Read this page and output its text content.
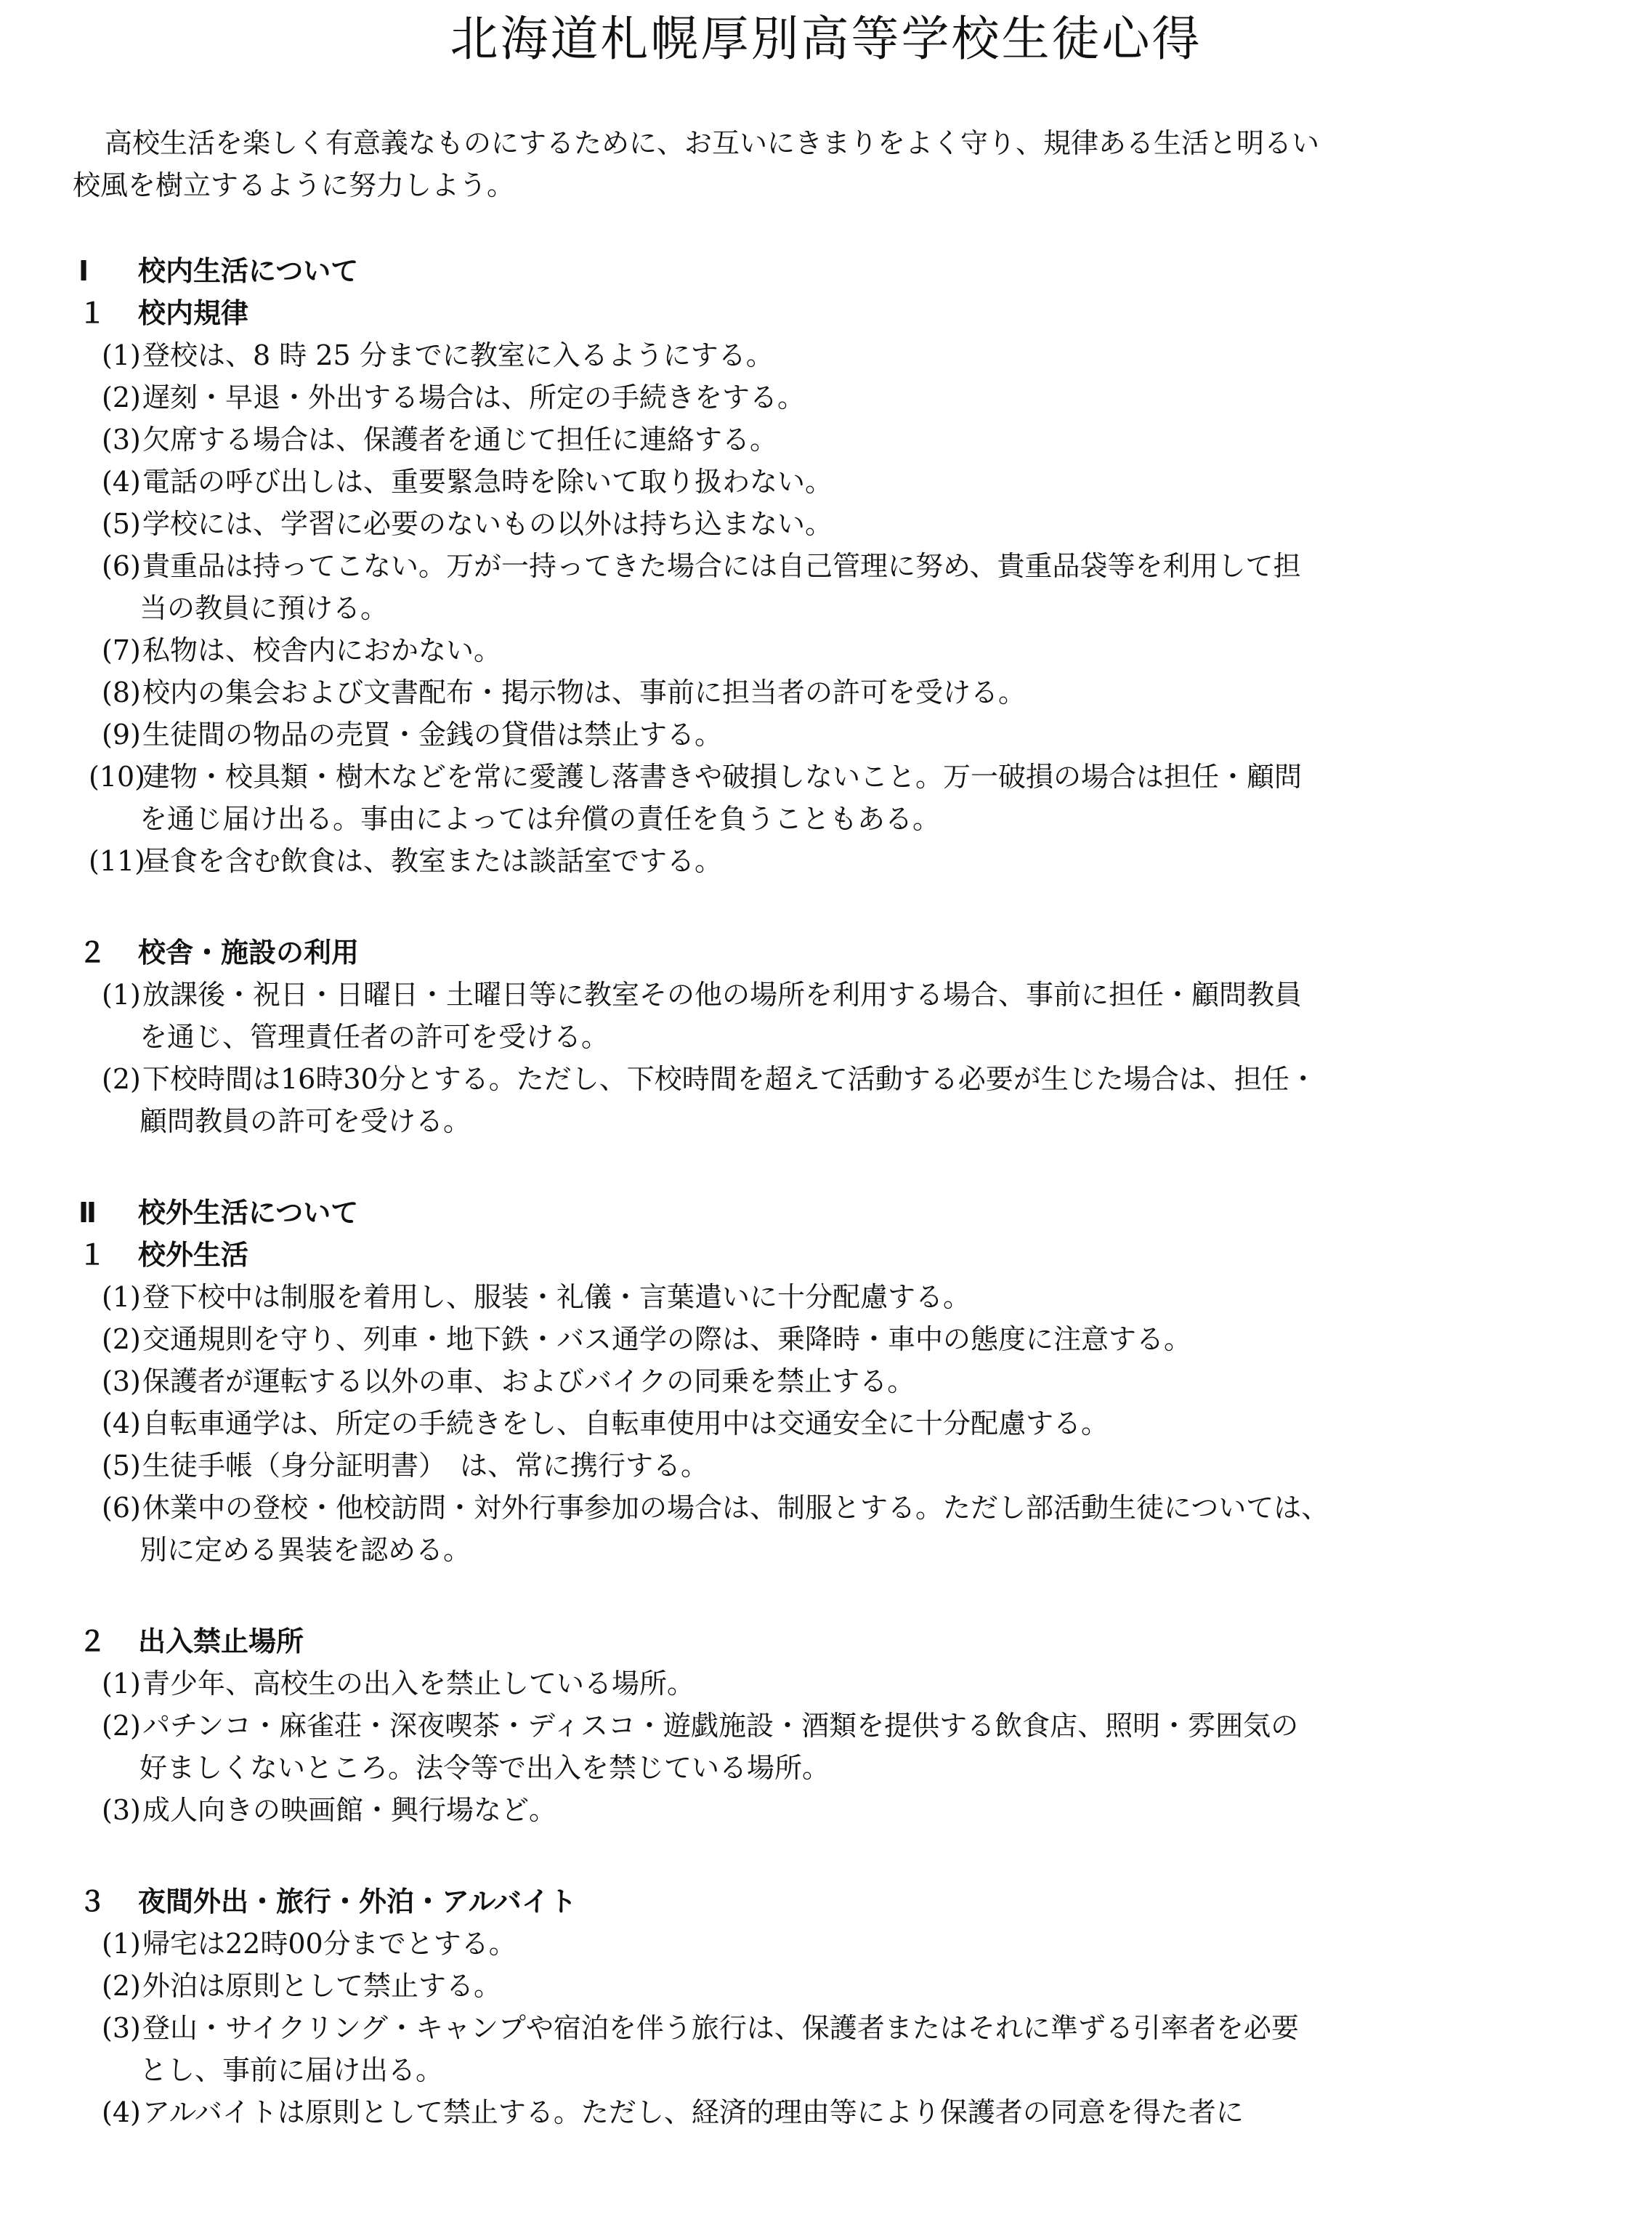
北海道札幌厚別高等学校生徒心得
高校生活を楽しく有意義なものにするために、お互いにきまりをよく守り、規律ある生活と明るい
校風を樹立するように努力しよう。
Ⅰ 校内生活について
１ 校内規律
(1)登校は、8 時 25 分までに教室に入るようにする。
(2)遅刻・早退・外出する場合は、所定の手続きをする。
(3)欠席する場合は、保護者を通じて担任に連絡する。
(4)電話の呼び出しは、重要緊急時を除いて取り扱わない。
(5)学校には、学習に必要のないもの以外は持ち込まない。
(6)貴重品は持ってこない。万が一持ってきた場合には自己管理に努め、貴重品袋等を利用して担
当の教員に預ける。
(7)私物は、校舎内におかない。
(8)校内の集会および文書配布・掲示物は、事前に担当者の許可を受ける。
(9)生徒間の物品の売買・金銭の貸借は禁止する。
(10)建物・校具類・樹木などを常に愛護し落書きや破損しないこと。万一破損の場合は担任・顧問
を通じ届け出る。事由によっては弁償の責任を負うこともある。
(11)昼食を含む飲食は、教室または談話室でする。
２ 校舎・施設の利用
(1)放課後・祝日・日曜日・土曜日等に教室その他の場所を利用する場合、事前に担任・顧問教員
を通じ、管理責任者の許可を受ける。
(2)下校時間は16時30分とする。ただし、下校時間を超えて活動する必要が生じた場合は、担任・
顧問教員の許可を受ける。
Ⅱ 校外生活について
１ 校外生活
(1)登下校中は制服を着用し、服装・礼儀・言葉遣いに十分配慮する。
(2)交通規則を守り、列車・地下鉄・バス通学の際は、乗降時・車中の態度に注意する。
(3)保護者が運転する以外の車、およびバイクの同乗を禁止する。
(4)自転車通学は、所定の手続きをし、自転車使用中は交通安全に十分配慮する。
(5)生徒手帳（身分証明書）　は、常に携行する。
(6)休業中の登校・他校訪問・対外行事参加の場合は、制服とする。ただし部活動生徒については、
別に定める異装を認める。
２ 出入禁止場所
(1)青少年、高校生の出入を禁止している場所。
(2)パチンコ・麻雀荘・深夜喫茶・ディスコ・遊戯施設・酒類を提供する飲食店、照明・雰囲気の
好ましくないところ。法令等で出入を禁じている場所。
(3)成人向きの映画館・興行場など。
３ 夜間外出・旅行・外泊・アルバイト
(1)帰宅は22時00分までとする。
(2)外泊は原則として禁止する。
(3)登山・サイクリング・キャンプや宿泊を伴う旅行は、保護者またはそれに準ずる引率者を必要
とし、事前に届け出る。
(4)アルバイトは原則として禁止する。ただし、経済的理由等により保護者の同意を得た者に
